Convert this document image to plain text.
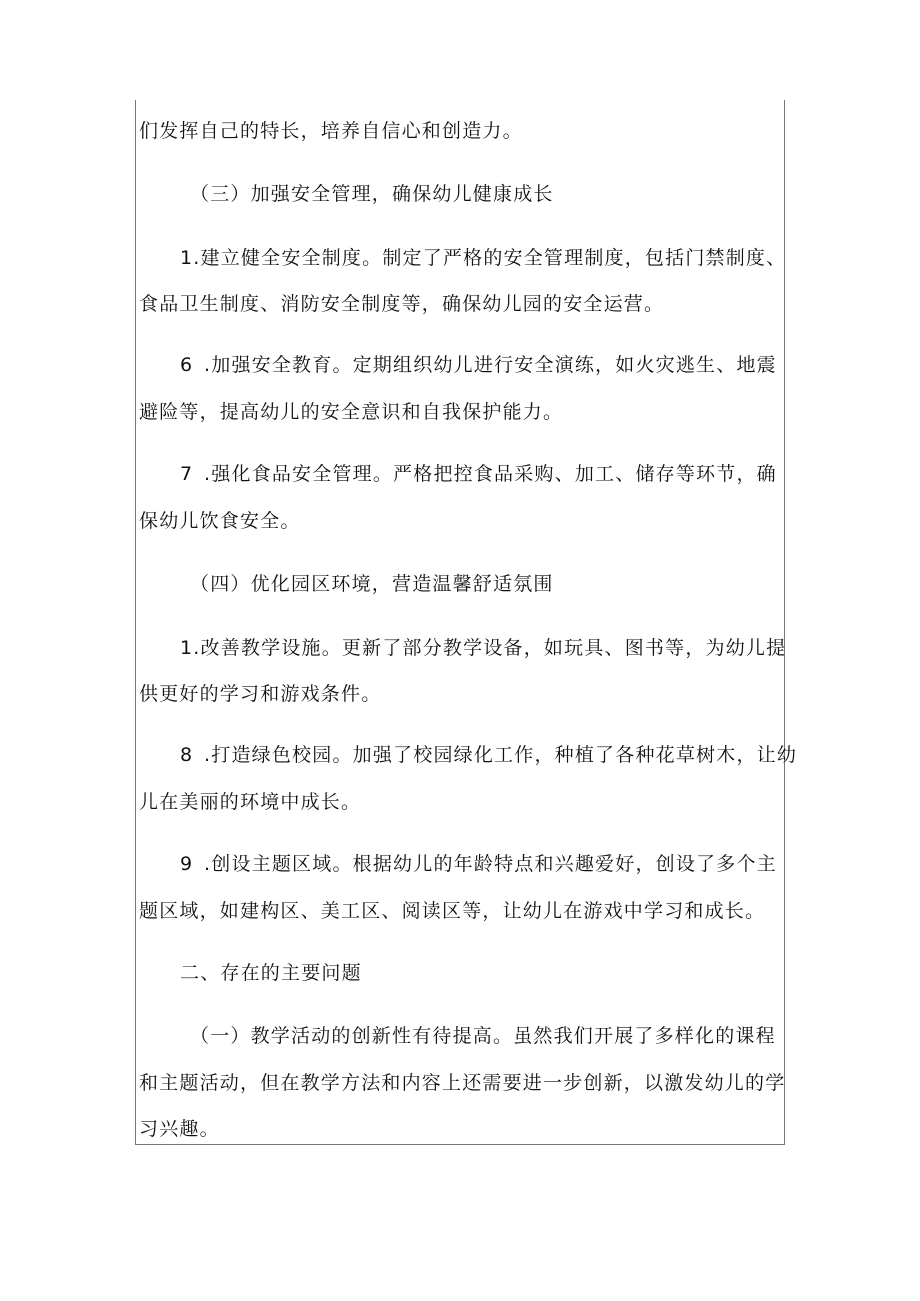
们发挥自己的特长，培养自信心和创造力。
（三）加强安全管理，确保幼儿健康成长
1.建立健全安全制度。制定了严格的安全管理制度，包括门禁制度、
食品卫生制度、消防安全制度等，确保幼儿园的安全运营。
6 .加强安全教育。定期组织幼儿进行安全演练，如火灾逃生、地震
避险等，提高幼儿的安全意识和自我保护能力。
7 .强化食品安全管理。严格把控食品采购、加工、储存等环节，确
保幼儿饮食安全。
（四）优化园区环境，营造温馨舒适氛围
1.改善教学设施。更新了部分教学设备，如玩具、图书等，为幼儿提
供更好的学习和游戏条件。
8 .打造绿色校园。加强了校园绿化工作，种植了各种花草树木，让幼
儿在美丽的环境中成长。
9 .创设主题区域。根据幼儿的年龄特点和兴趣爱好，创设了多个主
题区域，如建构区、美工区、阅读区等，让幼儿在游戏中学习和成长。
二、存在的主要问题
（一）教学活动的创新性有待提高。虽然我们开展了多样化的课程
和主题活动，但在教学方法和内容上还需要进一步创新，以激发幼儿的学
习兴趣。
